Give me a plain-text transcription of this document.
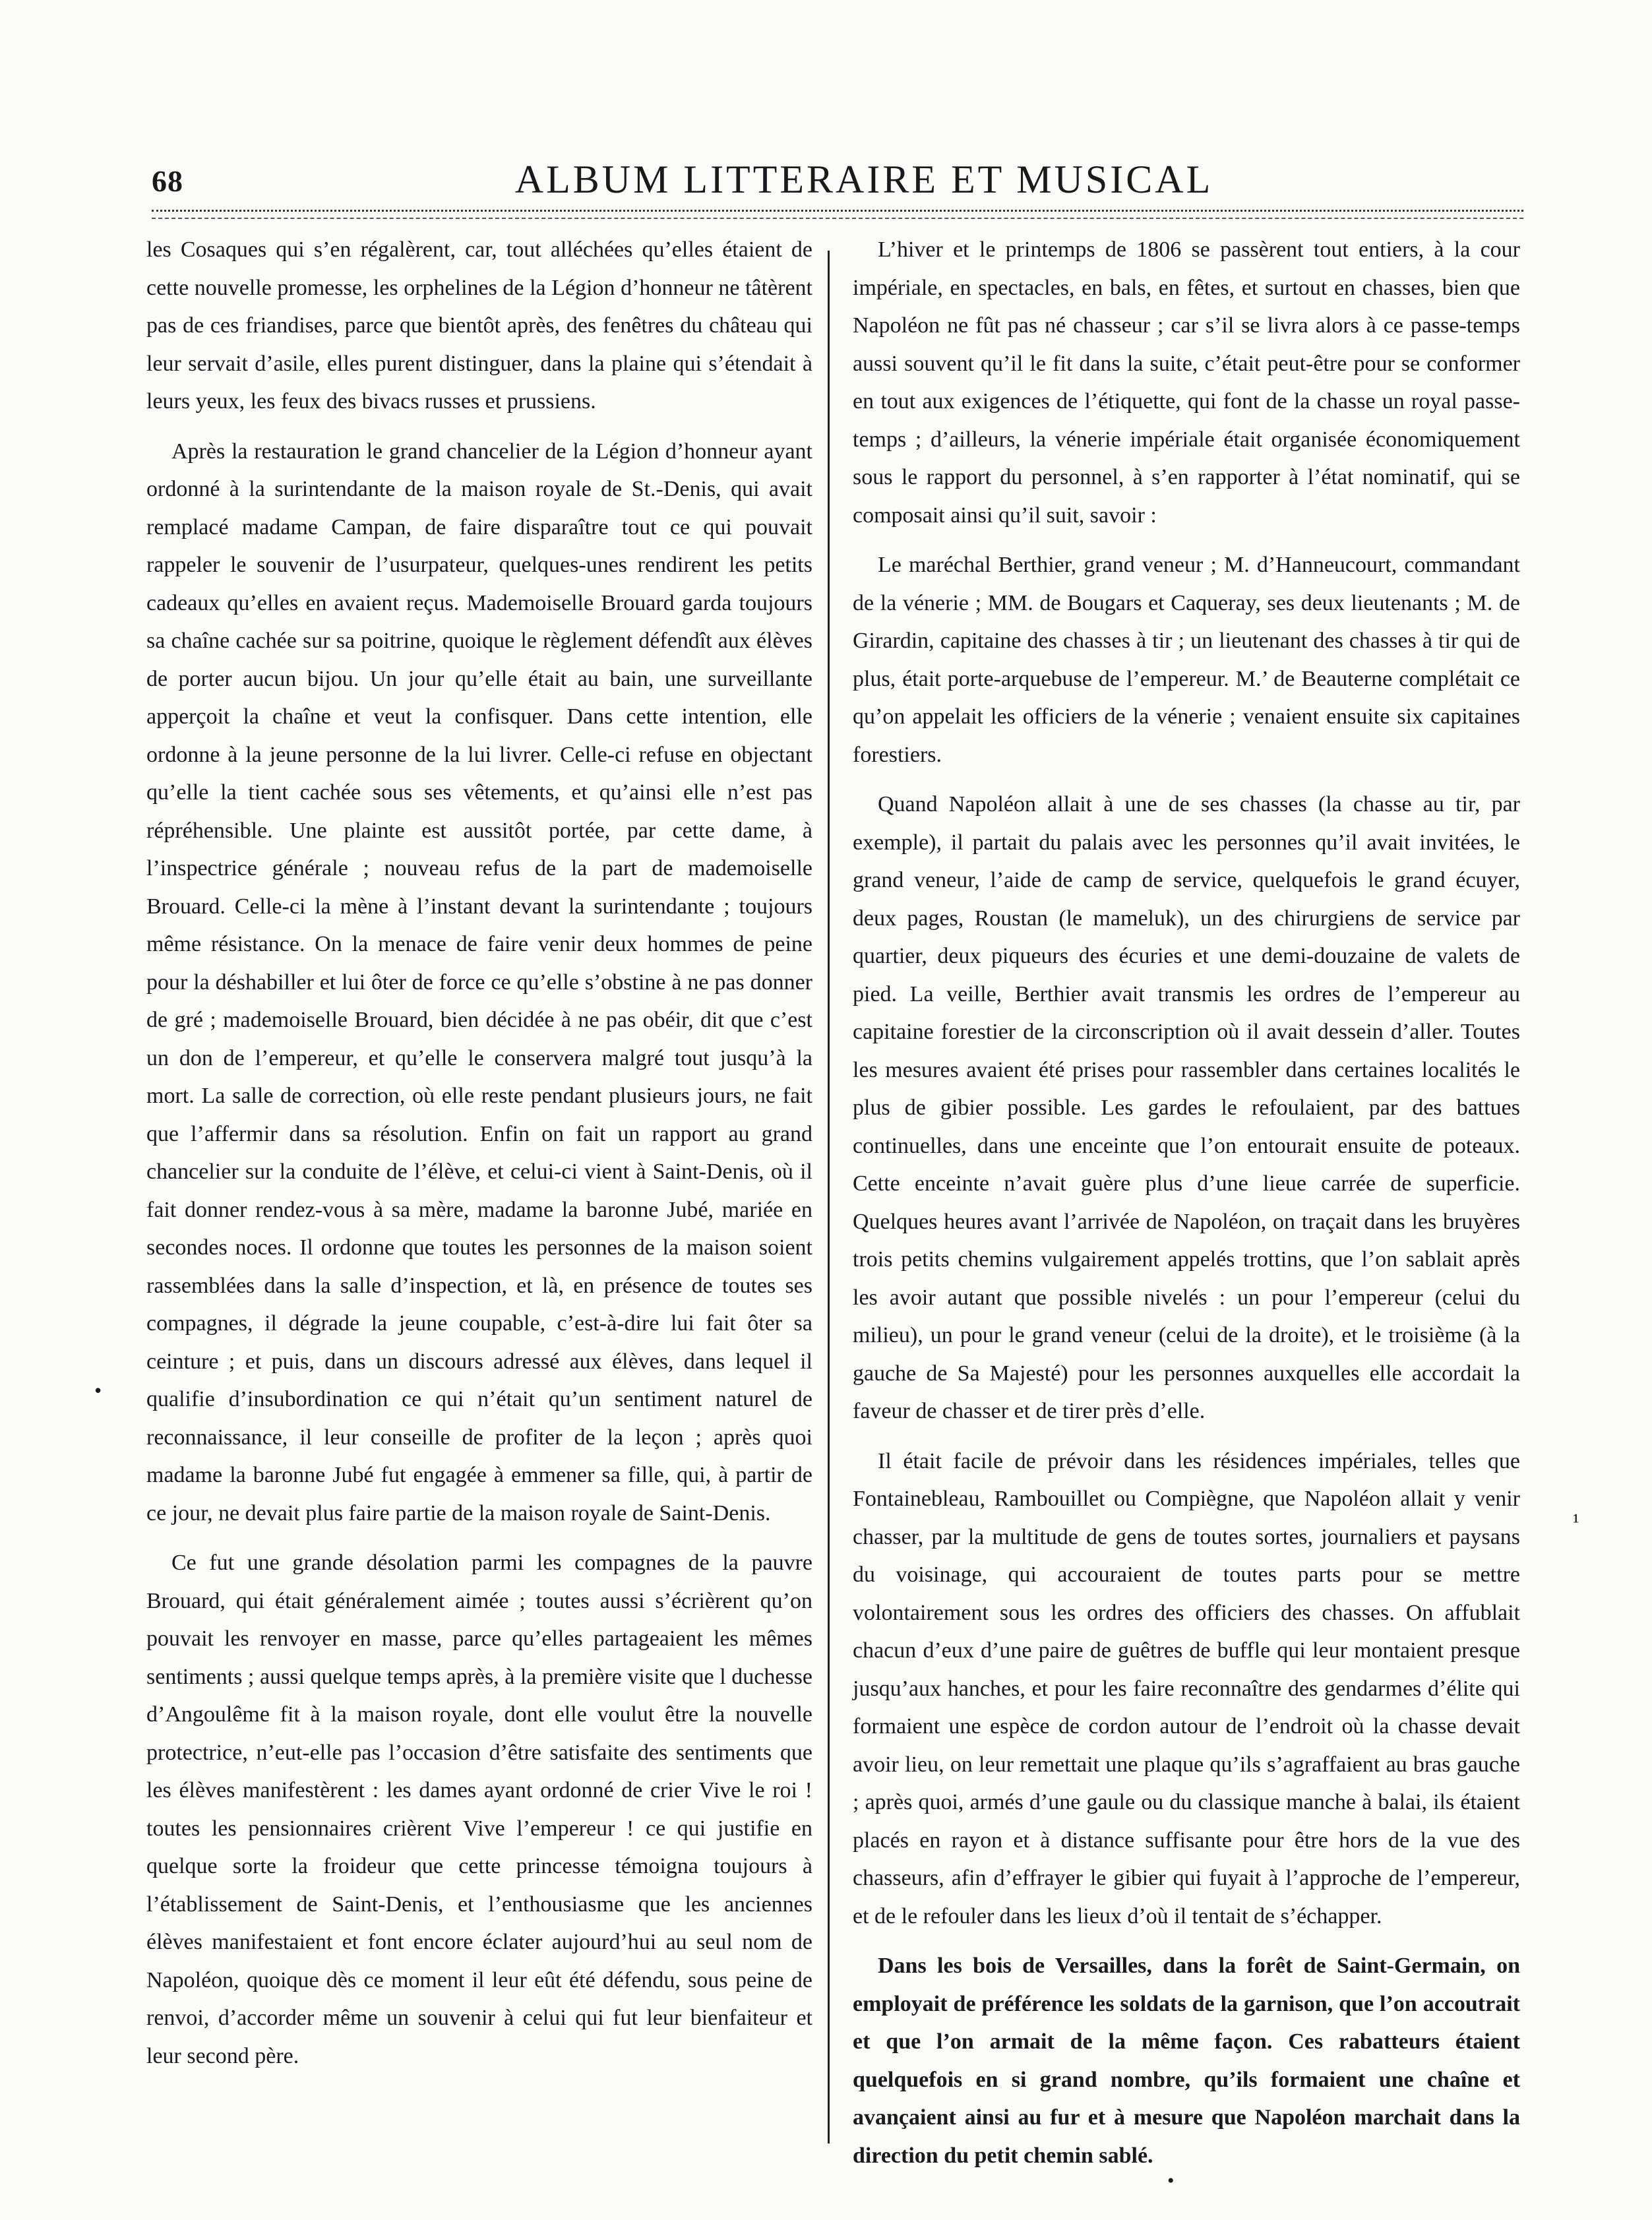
68	ALBUM LITTERAIRE ET MUSICAL

les Cosaques qui s’en régalèrent, car, tout alléchées qu’elles étaient de cette nouvelle promesse, les orphelines de la Légion d’honneur ne tâtèrent pas de ces friandises, parce que bientôt après, des fenêtres du château qui leur servait d’asile, elles purent distinguer, dans la plaine qui s’étendait à leurs yeux, les feux des bivacs russes et prussiens.

Après la restauration le grand chancelier de la Légion d’honneur ayant ordonné à la surintendante de la maison royale de St.-Denis, qui avait remplacé madame Campan, de faire disparaître tout ce qui pouvait rappeler le souvenir de l’usurpateur, quelques-unes rendirent les petits cadeaux qu’elles en avaient reçus. Mademoiselle Brouard garda toujours sa chaîne cachée sur sa poitrine, quoique le règlement défendît aux élèves de porter aucun bijou. Un jour qu’elle était au bain, une surveillante apperçoit la chaîne et veut la confisquer. Dans cette intention, elle ordonne à la jeune personne de la lui livrer. Celle-ci refuse en objectant qu’elle la tient cachée sous ses vêtements, et qu’ainsi elle n’est pas répréhensible. Une plainte est aussitôt portée, par cette dame, à l’inspectrice générale ; nouveau refus de la part de mademoiselle Brouard. Celle-ci la mène à l’instant devant la surintendante ; toujours même résistance. On la menace de faire venir deux hommes de peine pour la déshabiller et lui ôter de force ce qu’elle s’obstine à ne pas donner de gré ; mademoiselle Brouard, bien décidée à ne pas obéir, dit que c’est un don de l’empereur, et qu’elle le conservera malgré tout jusqu’à la mort. La salle de correction, où elle reste pendant plusieurs jours, ne fait que l’affermir dans sa résolution. Enfin on fait un rapport au grand chancelier sur la conduite de l’élève, et celui-ci vient à Saint-Denis, où il fait donner rendez-vous à sa mère, madame la baronne Jubé, mariée en secondes noces. Il ordonne que toutes les personnes de la maison soient rassemblées dans la salle d’inspection, et là, en présence de toutes ses compagnes, il dégrade la jeune coupable, c’est-à-dire lui fait ôter sa ceinture ; et puis, dans un discours adressé aux élèves, dans lequel il qualifie d’insubordination ce qui n’était qu’un sentiment naturel de reconnaissance, il leur conseille de profiter de la leçon ; après quoi madame la baronne Jubé fut engagée à emmener sa fille, qui, à partir de ce jour, ne devait plus faire partie de la maison royale de Saint-Denis.

Ce fut une grande désolation parmi les compagnes de la pauvre Brouard, qui était généralement aimée ; toutes aussi s’écrièrent qu’on pouvait les renvoyer en masse, parce qu’elles partageaient les mêmes sentiments ; aussi quelque temps après, à la première visite que l duchesse d’Angoulême fit à la maison royale, dont elle voulut être la nouvelle protectrice, n’eut-elle pas l’occasion d’être satisfaite des sentiments que les élèves manifestèrent : les dames ayant ordonné de crier Vive le roi ! toutes les pensionnaires crièrent Vive l’empereur ! ce qui justifie en quelque sorte la froideur que cette princesse témoigna toujours à l’établissement de Saint-Denis, et l’enthousiasme que les anciennes élèves manifestaient et font encore éclater aujourd’hui au seul nom de Napoléon, quoique dès ce moment il leur eût été défendu, sous peine de renvoi, d’accorder même un souvenir à celui qui fut leur bienfaiteur et leur second père.

L’hiver et le printemps de 1806 se passèrent tout entiers, à la cour impériale, en spectacles, en bals, en fêtes, et surtout en chasses, bien que Napoléon ne fût pas né chasseur ; car s’il se livra alors à ce passe-temps aussi souvent qu’il le fit dans la suite, c’était peut-être pour se conformer en tout aux exigences de l’étiquette, qui font de la chasse un royal passe-temps ; d’ailleurs, la vénerie impériale était organisée économiquement sous le rapport du personnel, à s’en rapporter à l’état nominatif, qui se composait ainsi qu’il suit, savoir :

Le maréchal Berthier, grand veneur ; M. d’Hanneucourt, commandant de la vénerie ; MM. de Bougars et Caqueray, ses deux lieutenants ; M. de Girardin, capitaine des chasses à tir ; un lieutenant des chasses à tir qui de plus, était porte-arquebuse de l’empereur. M.’ de Beauterne complétait ce qu’on appelait les officiers de la vénerie ; venaient ensuite six capitaines forestiers.

Quand Napoléon allait à une de ses chasses (la chasse au tir, par exemple), il partait du palais avec les personnes qu’il avait invitées, le grand veneur, l’aide de camp de service, quelquefois le grand écuyer, deux pages, Roustan (le mameluk), un des chirurgiens de service par quartier, deux piqueurs des écuries et une demi-douzaine de valets de pied. La veille, Berthier avait transmis les ordres de l’empereur au capitaine forestier de la circonscription où il avait dessein d’aller. Toutes les mesures avaient été prises pour rassembler dans certaines localités le plus de gibier possible. Les gardes le refoulaient, par des battues continuelles, dans une enceinte que l’on entourait ensuite de poteaux. Cette enceinte n’avait guère plus d’une lieue carrée de superficie. Quelques heures avant l’arrivée de Napoléon, on traçait dans les bruyères trois petits chemins vulgairement appelés trottins, que l’on sablait après les avoir autant que possible nivelés : un pour l’empereur (celui du milieu), un pour le grand veneur (celui de la droite), et le troisième (à la gauche de Sa Majesté) pour les personnes auxquelles elle accordait la faveur de chasser et de tirer près d’elle.

Il était facile de prévoir dans les résidences impériales, telles que Fontainebleau, Rambouillet ou Compiègne, que Napoléon allait y venir chasser, par la multitude de gens de toutes sortes, journaliers et paysans du voisinage, qui accouraient de toutes parts pour se mettre volontairement sous les ordres des officiers des chasses. On affublait chacun d’eux d’une paire de guêtres de buffle qui leur montaient presque jusqu’aux hanches, et pour les faire reconnaître des gendarmes d’élite qui formaient une espèce de cordon autour de l’endroit où la chasse devait avoir lieu, on leur remettait une plaque qu’ils s’agraffaient au bras gauche ; après quoi, armés d’une gaule ou du classique manche à balai, ils étaient placés en rayon et à distance suffisante pour être hors de la vue des chasseurs, afin d’effrayer le gibier qui fuyait à l’approche de l’empereur, et de le refouler dans les lieux d’où il tentait de s’échapper.

Dans les bois de Versailles, dans la forêt de Saint-Germain, on employait de préférence les soldats de la garnison, que l’on accoutrait et que l’on armait de la même façon. Ces rabatteurs étaient quelquefois en si grand nombre, qu’ils formaient une chaîne et avançaient ainsi au fur et à mesure que Napoléon marchait dans la direction du petit chemin sablé.

•
¹
•
